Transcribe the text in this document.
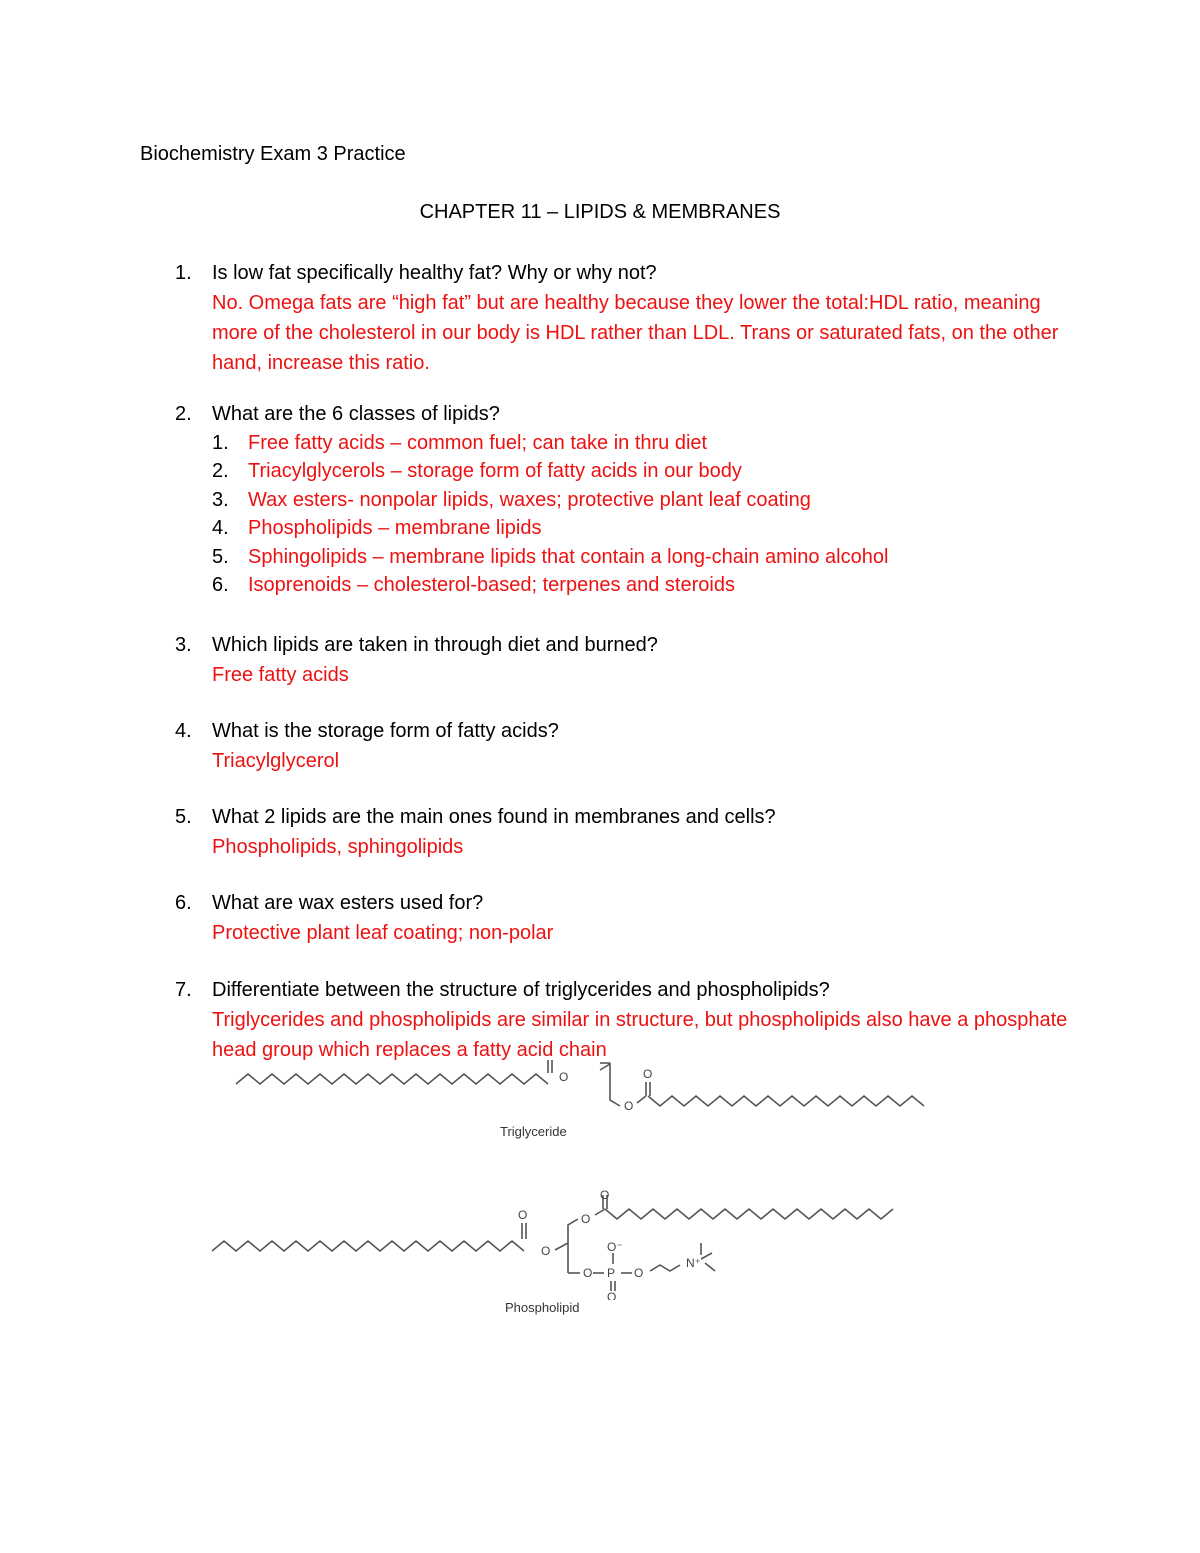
Biochemistry Exam 3 Practice
CHAPTER 11 – LIPIDS & MEMBRANES
1.	Is low fat specifically healthy fat? Why or why not?
No. Omega fats are “high fat” but are healthy because they lower the total:HDL ratio, meaning more of the cholesterol in our body is HDL rather than LDL. Trans or saturated fats, on the other hand, increase this ratio.
2.	What are the 6 classes of lipids?
1. Free fatty acids – common fuel; can take in thru diet
2. Triacylglycerols – storage form of fatty acids in our body
3. Wax esters- nonpolar lipids, waxes; protective plant leaf coating
4. Phospholipids – membrane lipids
5. Sphingolipids – membrane lipids that contain a long-chain amino alcohol
6. Isoprenoids – cholesterol-based; terpenes and steroids
3.	Which lipids are taken in through diet and burned?
Free fatty acids
4.	What is the storage form of fatty acids?
Triacylglycerol
5.	What 2 lipids are the main ones found in membranes and cells?
Phospholipids, sphingolipids
6.	What are wax esters used for?
Protective plant leaf coating; non-polar
7.	Differentiate between the structure of triglycerides and phospholipids?
Triglycerides and phospholipids are similar in structure, but phospholipids also have a phosphate head group which replaces a fatty acid chain
O
O
O
Triglyceride
O
O
O
O
O P
O⁻
O
O
N⁺
Phospholipid
